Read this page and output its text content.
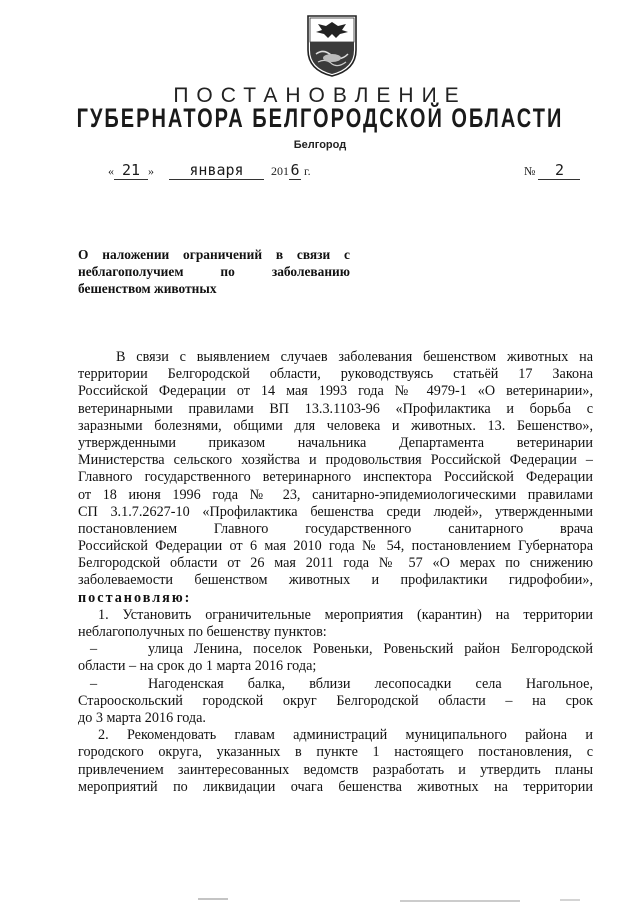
ПОСТАНОВЛЕНИЕ
ГУБЕРНАТОРА БЕЛГОРОДСКОЙ ОБЛАСТИ
Белгород
« 21 » января 2016 г.	№ 2
О наложении ограничений в связи с
неблагополучием по заболеванию
бешенством животных
В связи с выявлением случаев заболевания бешенством животных на
территории Белгородской области, руководствуясь статьёй 17 Закона
Российской Федерации от 14 мая 1993 года № 4979-1 «О ветеринарии»,
ветеринарными правилами ВП 13.3.1103-96 «Профилактика и борьба с
заразными болезнями, общими для человека и животных. 13. Бешенство»,
утвержденными приказом начальника Департамента ветеринарии
Министерства сельского хозяйства и продовольствия Российской Федерации –
Главного государственного ветеринарного инспектора Российской Федерации
от 18 июня 1996 года № 23, санитарно-эпидемиологическими правилами
СП 3.1.7.2627-10 «Профилактика бешенства среди людей», утвержденными
постановлением Главного государственного санитарного врача
Российской Федерации от 6 мая 2010 года № 54, постановлением Губернатора
Белгородской области от 26 мая 2011 года № 57 «О мерах по снижению
заболеваемости бешенством животных и профилактики гидрофобии»,
постановляю:
1. Установить ограничительные мероприятия (карантин) на территории
неблагополучных по бешенству пунктов:
–	улица Ленина, поселок Ровеньки, Ровеньский район Белгородской
области – на срок до 1 марта 2016 года;
–	Нагоденская балка, вблизи лесопосадки села Нагольное,
Старооскольский городской округ Белгородской области – на срок
до 3 марта 2016 года.
2. Рекомендовать главам администраций муниципального района и
городского округа, указанных в пункте 1 настоящего постановления, с
привлечением заинтересованных ведомств разработать и утвердить планы
мероприятий по ликвидации очага бешенства животных на территории
